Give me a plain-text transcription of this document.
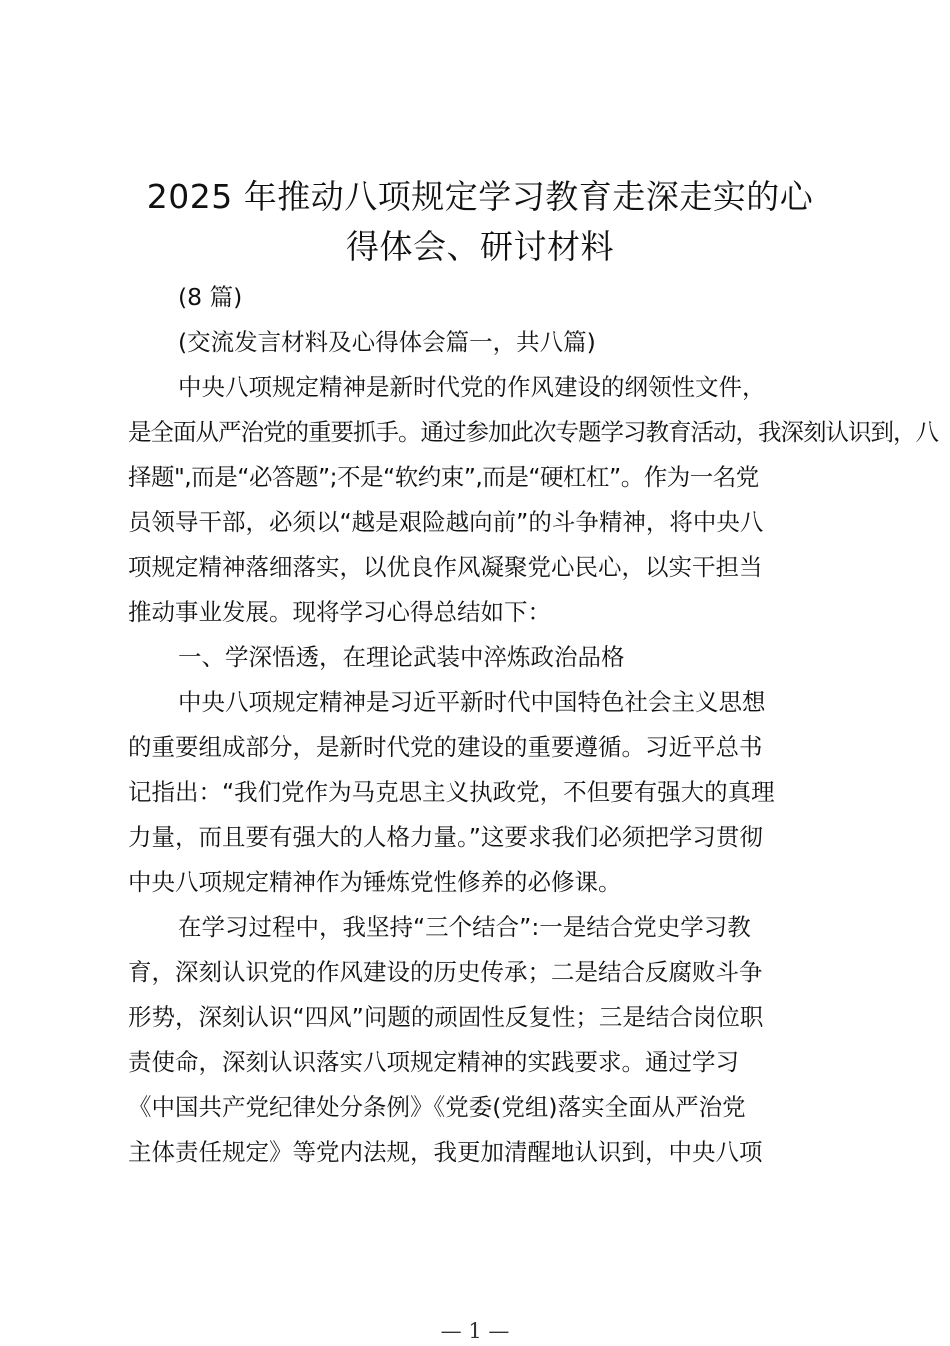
2025 年推动八项规定学习教育走深走实的心
得体会、研讨材料
(8 篇)
(交流发言材料及心得体会篇一，共八篇)
中央八项规定精神是新时代党的作风建设的纲领性文件，
是全面从严治党的重要抓手。通过参加此次专题学习教育活动，我深刻认识到，八
择题",而是“必答题”;不是“软约束”,而是“硬杠杠”。作为一名党
员领导干部，必须以“越是艰险越向前”的斗争精神，将中央八
项规定精神落细落实，以优良作风凝聚党心民心，以实干担当
推动事业发展。现将学习心得总结如下：
一、学深悟透，在理论武装中淬炼政治品格
中央八项规定精神是习近平新时代中国特色社会主义思想
的重要组成部分，是新时代党的建设的重要遵循。习近平总书
记指出：“我们党作为马克思主义执政党，不但要有强大的真理
力量，而且要有强大的人格力量。”这要求我们必须把学习贯彻
中央八项规定精神作为锤炼党性修养的必修课。
在学习过程中，我坚持“三个结合”:一是结合党史学习教
育，深刻认识党的作风建设的历史传承；二是结合反腐败斗争
形势，深刻认识“四风”问题的顽固性反复性；三是结合岗位职
责使命，深刻认识落实八项规定精神的实践要求。通过学习
《中国共产党纪律处分条例》《党委(党组)落实全面从严治党
主体责任规定》等党内法规，我更加清醒地认识到，中央八项
— 1 —
